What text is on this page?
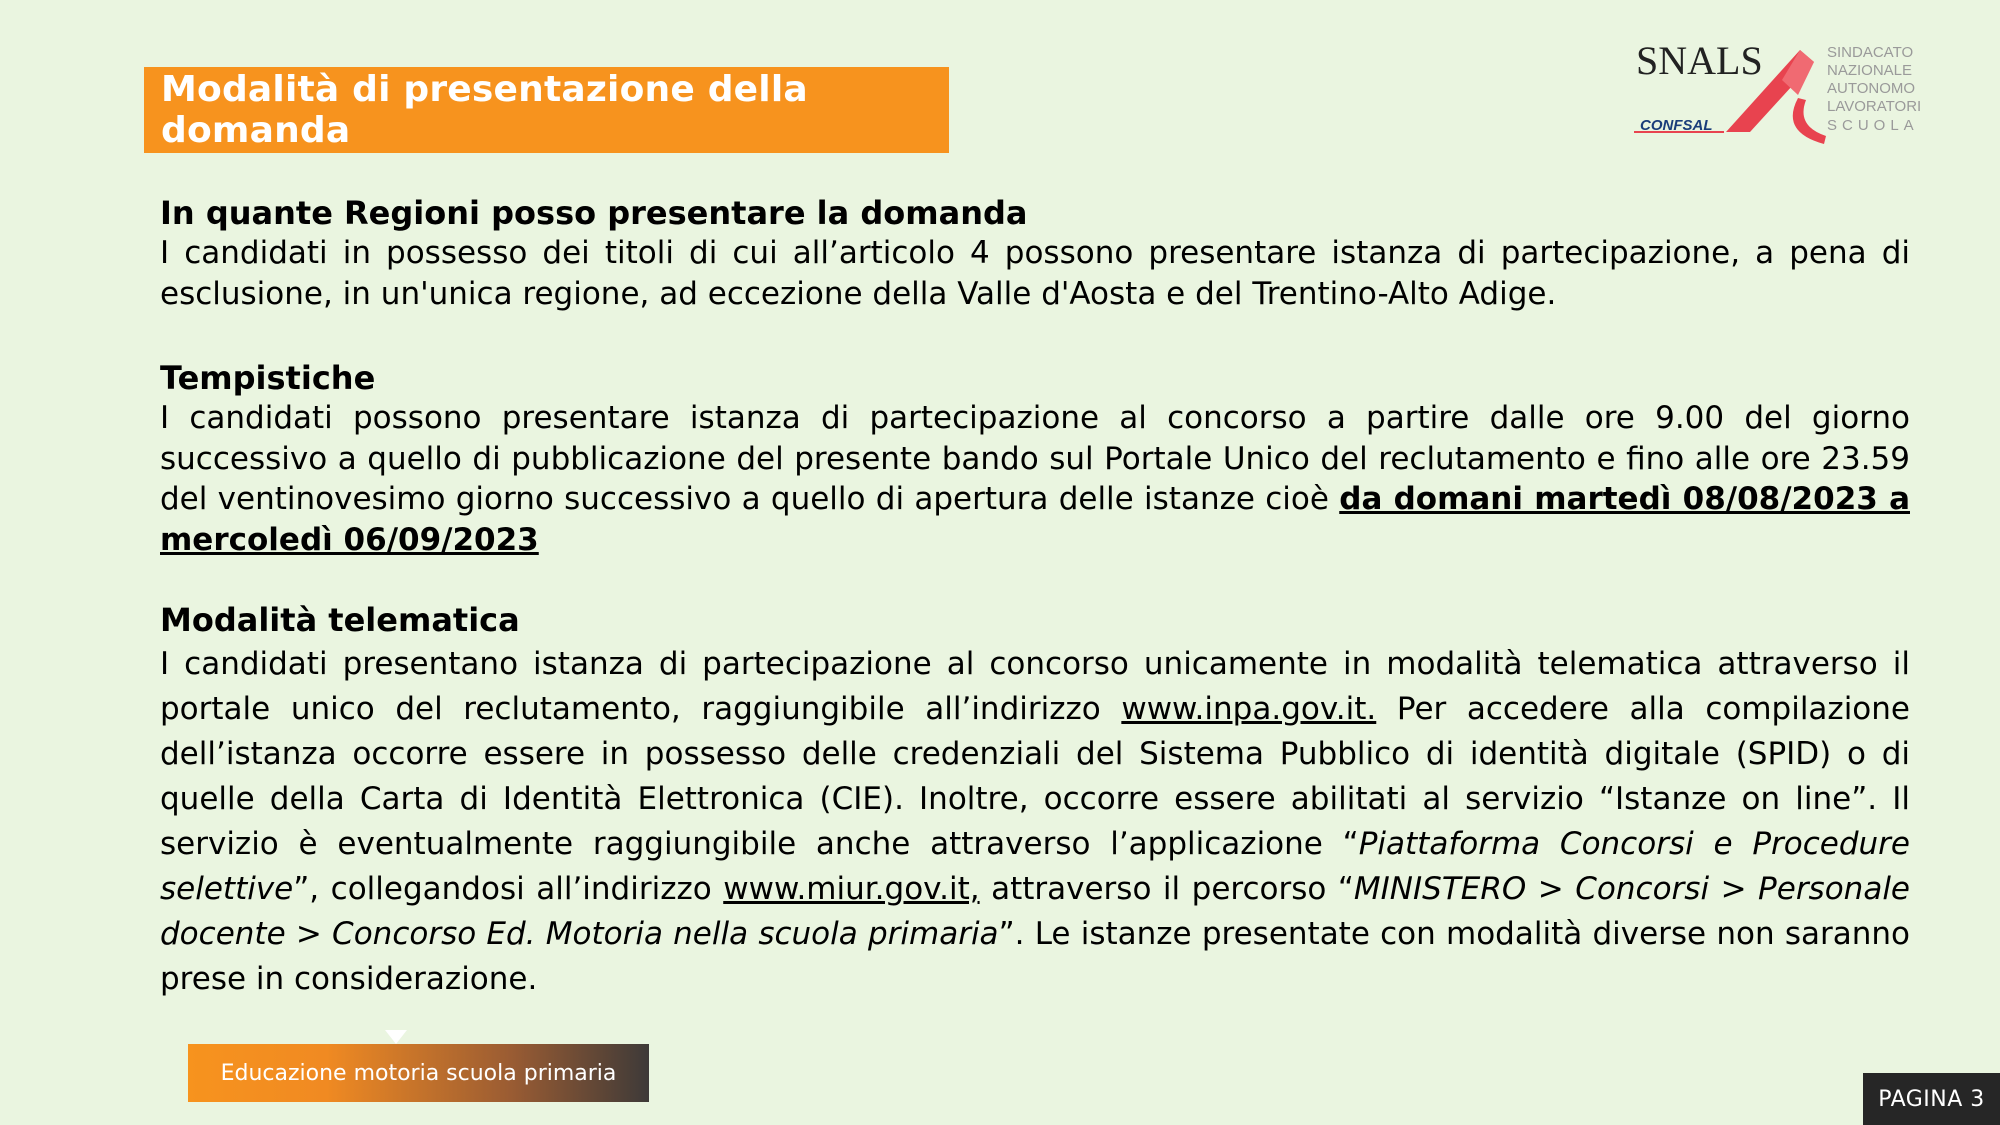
Modalità di presentazione della domanda
SNALS
CONFSAL
SINDACATO
NAZIONALE
AUTONOMO
LAVORATORI
SCUOLA
In quante Regioni posso presentare la domanda
I candidati in possesso dei titoli di cui all’articolo 4 possono presentare istanza di partecipazione, a pena di esclusione, in un'unica regione, ad eccezione della Valle d'Aosta e del Trentino-Alto Adige.
Tempistiche
I candidati possono presentare istanza di partecipazione al concorso a partire dalle ore 9.00 del giorno successivo a quello di pubblicazione del presente bando sul Portale Unico del reclutamento e fino alle ore 23.59 del ventinovesimo giorno successivo a quello di apertura delle istanze cioè da domani martedì 08/08/2023 a mercoledì 06/09/2023
Modalità telematica
I candidati presentano istanza di partecipazione al concorso unicamente in modalità telematica attraverso il portale unico del reclutamento, raggiungibile all’indirizzo www.inpa.gov.it. Per accedere alla compilazione dell’istanza occorre essere in possesso delle credenziali del Sistema Pubblico di identità digitale (SPID) o di quelle della Carta di Identità Elettronica (CIE). Inoltre, occorre essere abilitati al servizio “Istanze on line”. Il servizio è eventualmente raggiungibile anche attraverso l’applicazione “Piattaforma Concorsi e Procedure selettive”, collegandosi all’indirizzo www.miur.gov.it, attraverso il percorso “MINISTERO > Concorsi > Personale docente > Concorso Ed. Motoria nella scuola primaria”. Le istanze presentate con modalità diverse non saranno prese in considerazione.
Educazione motoria scuola primaria
PAGINA 3
